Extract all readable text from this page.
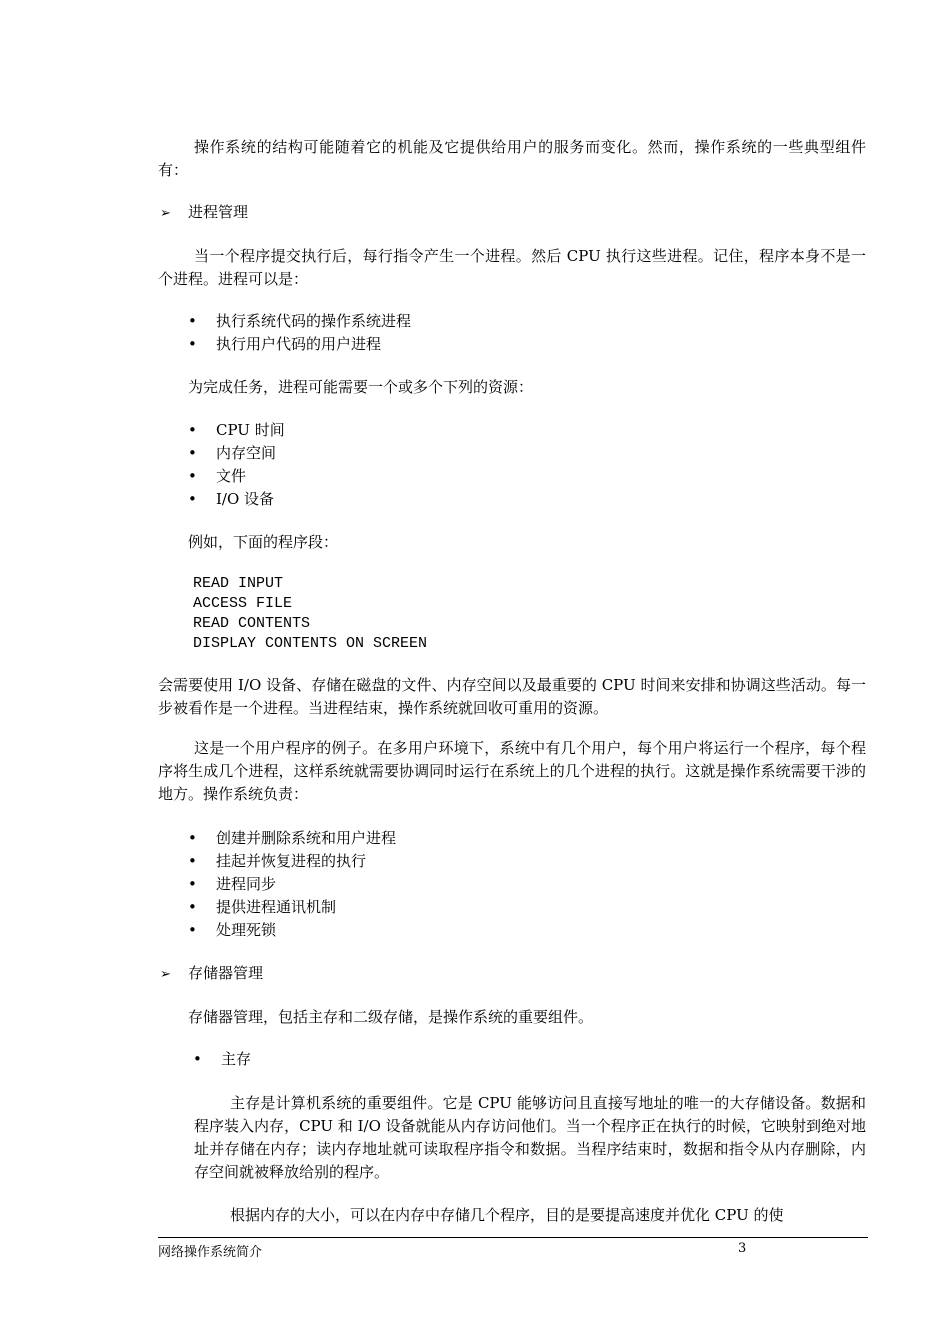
操作系统的结构可能随着它的机能及它提供给用户的服务而变化。然而，操作系统的一些典型组件有：

➢ 进程管理

当一个程序提交执行后，每行指令产生一个进程。然后 CPU 执行这些进程。记住，程序本身不是一个进程。进程可以是：

•	执行系统代码的操作系统进程
•	执行用户代码的用户进程

为完成任务，进程可能需要一个或多个下列的资源：

•	CPU 时间
•	内存空间
•	文件
•	I/O 设备

例如，下面的程序段：

READ INPUT
ACCESS FILE
READ CONTENTS
DISPLAY CONTENTS ON SCREEN

会需要使用 I/O 设备、存储在磁盘的文件、内存空间以及最重要的 CPU 时间来安排和协调这些活动。每一步被看作是一个进程。当进程结束，操作系统就回收可重用的资源。

这是一个用户程序的例子。在多用户环境下，系统中有几个用户，每个用户将运行一个程序，每个程序将生成几个进程，这样系统就需要协调同时运行在系统上的几个进程的执行。这就是操作系统需要干涉的地方。操作系统负责：

•	创建并删除系统和用户进程
•	挂起并恢复进程的执行
•	进程同步
•	提供进程通讯机制
•	处理死锁
➢ 存储器管理

存储器管理，包括主存和二级存储，是操作系统的重要组件。

•	主存

主存是计算机系统的重要组件。它是 CPU 能够访问且直接写地址的唯一的大存储设备。数据和程序装入内存，CPU 和 I/O 设备就能从内存访问他们。当一个程序正在执行的时候，它映射到绝对地址并存储在内存；读内存地址就可读取程序指令和数据。当程序结束时，数据和指令从内存删除，内存空间就被释放给别的程序。

根据内存的大小，可以在内存中存储几个程序，目的是要提高速度并优化 CPU 的使

网络操作系统简介	3
